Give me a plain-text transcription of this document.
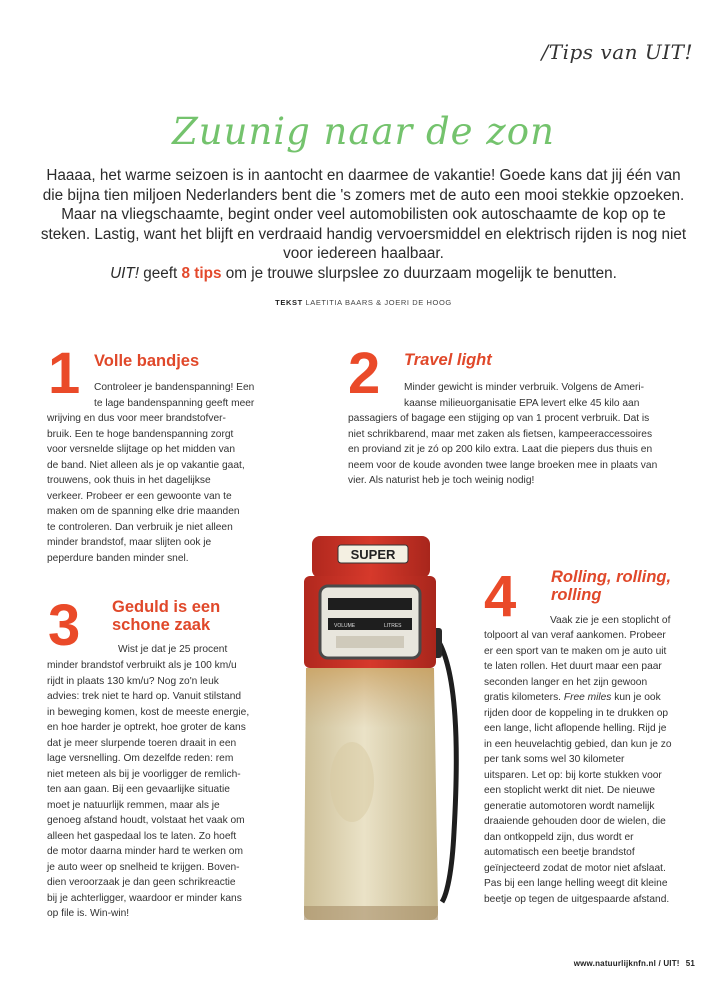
/Tips van UIT!
Zuunig naar de zon
Haaaa, het warme seizoen is in aantocht en daarmee de vakantie! Goede kans dat jij één van die bijna tien miljoen Nederlanders bent die 's zomers met de auto een mooi stekkie opzoeken. Maar na vliegschaamte, begint onder veel automobilisten ook autoschaamte de kop op te steken. Lastig, want het blijft en verdraaid handig vervoersmiddel en elektrisch rijden is nog niet voor iedereen haalbaar.
UIT! geeft 8 tips om je trouwe slurpslee zo duurzaam mogelijk te benutten.
TEKST LAETITIA BAARS & JOERI DE HOOG
1 Volle bandjes
Controleer je bandenspanning! Een
te lage bandenspanning geeft meer
wrijving en dus voor meer brandstofver-
bruik. Een te hoge bandenspanning zorgt
voor versnelde slijtage op het midden van
de band. Niet alleen als je op vakantie gaat,
trouwens, ook thuis in het dagelijkse
verkeer. Probeer er een gewoonte van te
maken om de spanning elke drie maanden
te controleren. Dan verbruik je niet alleen
minder brandstof, maar slijten ook je
peperdure banden minder snel.
2 Travel light
Minder gewicht is minder verbruik. Volgens de Ameri-
kaanse milieuorganisatie EPA levert elke 45 kilo aan
passagiers of bagage een stijging op van 1 procent verbruik. Dat is
niet schrikbarend, maar met zaken als fietsen, kampeeraccessoires
en proviand zit je zó op 200 kilo extra. Laat die piepers dus thuis en
neem voor de koude avonden twee lange broeken mee in plaats van
vier. Als naturist heb je toch weinig nodig!
3 Geduld is een
schone zaak
Wist je dat je 25 procent
minder brandstof verbruikt als je 100 km/u
rijdt in plaats 130 km/u? Nog zo'n leuk
advies: trek niet te hard op. Vanuit stilstand
in beweging komen, kost de meeste energie,
en hoe harder je optrekt, hoe groter de kans
dat je meer slurpende toeren draait in een
lage versnelling. Om dezelfde reden: rem
niet meteen als bij je voorligger de remlich-
ten aan gaan. Bij een gevaarlijke situatie
moet je natuurlijk remmen, maar als je
genoeg afstand houdt, volstaat het vaak om
alleen het gaspedaal los te laten. Zo hoeft
de motor daarna minder hard te werken om
je auto weer op snelheid te krijgen. Boven-
dien veroorzaak je dan geen schrikreactie
bij je achterligger, waardoor er minder kans
op file is. Win-win!
4 Rolling, rolling,
rolling
Vaak zie je een stoplicht of
tolpoort al van veraf aankomen. Probeer
er een sport van te maken om je auto uit
te laten rollen. Het duurt maar een paar
seconden langer en het zijn gewoon
gratis kilometers. Free miles kun je ook
rijden door de koppeling in te drukken op
een lange, licht aflopende helling. Rijd je
in een heuvelachtig gebied, dan kun je zo
per tank soms wel 30 kilometer
uitsparen. Let op: bij korte stukken voor
een stoplicht werkt dit niet. De nieuwe
generatie automotoren wordt namelijk
draaiende gehouden door de wielen, die
dan ontkoppeld zijn, dus wordt er
automatisch een beetje brandstof
geïnjecteerd zodat de motor niet afslaat.
Pas bij een lange helling weegt dit kleine
beetje op tegen de uitgespaarde afstand.
SUPER
VOLUME	LITRES
www.natuurlijknfn.nl / UIT! 51
